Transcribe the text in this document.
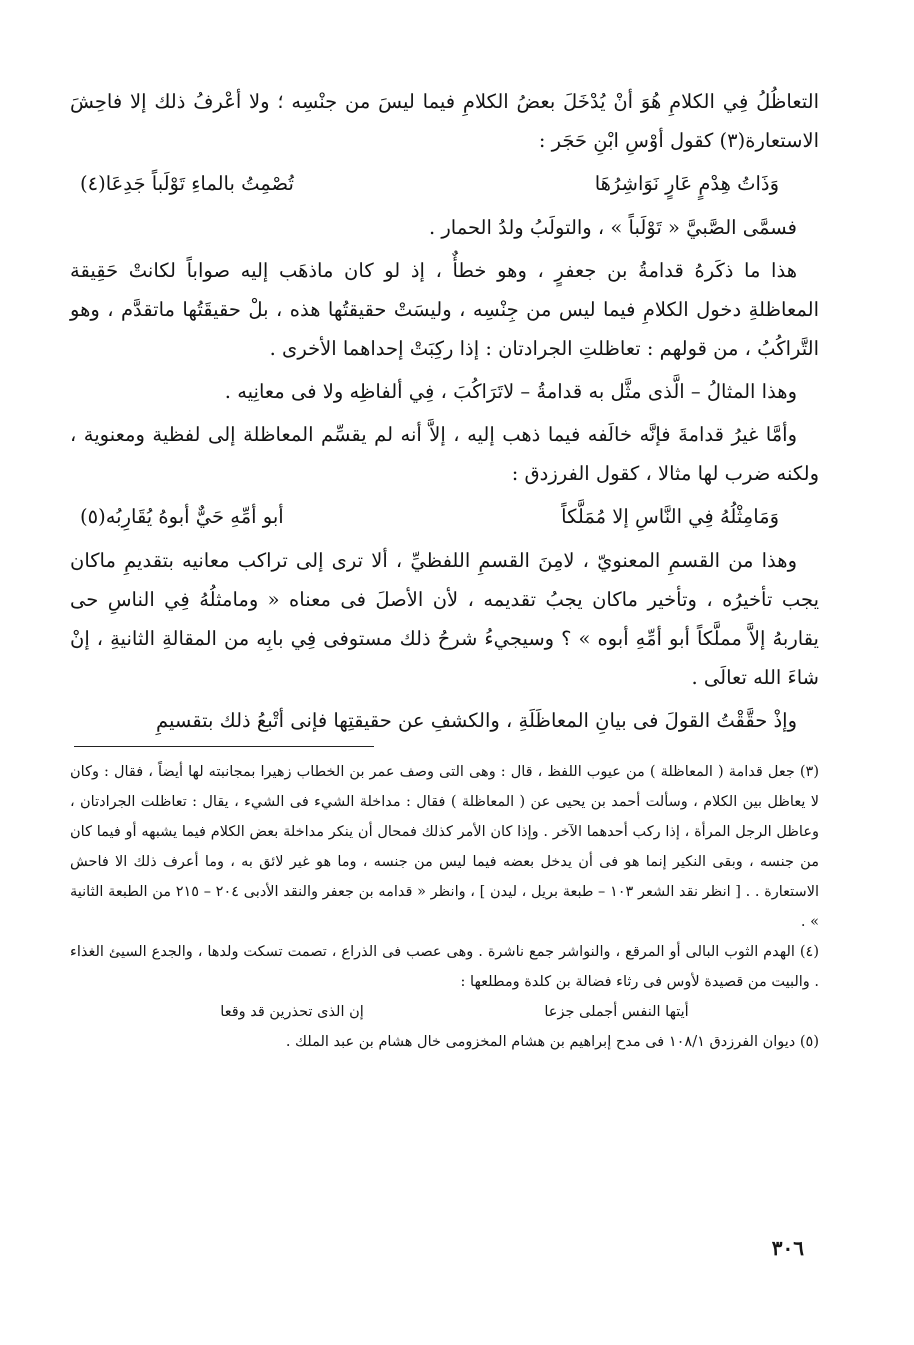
التعاظُلُ فِي الكلامِ هُوَ أنْ يُدْخَلَ بعضُ الكلامِ فيما ليسَ من جنْسِه ؛ ولا أعْرفُ ذلك إلا فاحِشَ الاستعارة(٣) كقول أوْسِ ابْنِ حَجَر :

وَذَاتُ هِدْمٍ عَارٍ نَوَاشِرُهَا
تُصْمِتُ بالماءِ تَوْلَباً جَدِعَا(٤)

فسمَّى الصَّبيَّ « تَوْلَباً » ، والتولَبُ ولدُ الحمار .

هذا ما ذكَرهُ قدامةُ بن جعفرٍ ، وهو خطأٌ ، إذ لو كان ماذهَب إليه صواباً لكانتْ حَقِيقة المعاظلةِ دخول الكلامِ فيما ليس من جِنْسِه ، وليسَتْ حقيقتُها هذه ، بلْ حقيقَتُها ماتقدَّم ، وهو التَّراكُبُ ، من قولهم : تعاظلتِ الجرادتان : إذا ركِبَتْ إحداهما الأخرى .

وهذا المثالُ – الَّذى مثَّل به قدامةُ – لاتَرَاكُبَ ، فِي ألفاظِه ولا فى معانِيه .

وأمَّا غيرُ قدامةَ فإنَّه خالَفه فيما ذهب إليه ، إلاَّ أنه لم يقسِّم المعاظلة إلى لفظية ومعنوية ، ولكنه ضرب لها مثالا ، كقول الفرزدق :

وَمَامِثْلُهُ فِي النَّاسِ إلا مُمَلَّكاً
أبو أمِّهِ حَيٌّ أبوهُ يُقَارِبُه(٥)

وهذا من القسمِ المعنويّ ، لامِنَ القسمِ اللفظيِّ ، ألا ترى إلى تراكب معانيه بتقديمِ ماكان يجب تأخيرُه ، وتأخير ماكان يجبُ تقديمه ، لأن الأصلَ فى معناه « ومامثلُهُ فِي الناسِ حى يقاربهُ إلاَّ مملَّكاً أبو أمِّهِ أبوه » ؟ وسيجيءُ شرحُ ذلك مستوفى فِي بابِه من المقالةِ الثانيةِ ، إنْ شاءَ الله تعالَى .

وإذْ حقَّقْتُ القولَ فى بيانِ المعاظَلَةِ ، والكشفِ عن حقيقتِها فإنى أتْبعُ ذلك بتقسيمِ

(٣) جعل قدامة ( المعاظلة ) من عيوب اللفظ ، قال : وهى التى وصف عمر بن الخطاب زهيرا بمجانبته لها أيضاً ، فقال : وكان لا يعاظل بين الكلام ، وسألت أحمد بن يحيى عن ( المعاظلة ) فقال : مداخلة الشيء فى الشيء ، يقال : تعاظلت الجرادتان ، وعاظل الرجل المرأة ، إذا ركب أحدهما الآخر . وإذا كان الأمر كذلك فمحال أن ينكر مداخلة بعض الكلام فيما يشبهه أو فيما كان من جنسه ، وبقى النكير إنما هو فى أن يدخل بعضه فيما ليس من جنسه ، وما هو غير لائق به ، وما أعرف ذلك الا فاحش الاستعارة . . [ انظر نقد الشعر ١٠٣ – طبعة بريل ، ليدن ] ، وانظر « قدامه بن جعفر والنقد الأدبى ٢٠٤ – ٢١٥ من الطبعة الثانية » .

(٤) الهدم الثوب البالى أو المرقع ، والنواشر جمع ناشرة . وهى عصب فى الذراع ، تصمت تسكت ولدها ، والجدع السيئ الغذاء . والبيت من قصيدة لأوس فى رثاء فضالة بن كلدة ومطلعها :

أيتها النفس أجملى جزعا
إن الذى تحذرين قد وقعا

(٥) ديوان الفرزدق ١٠٨/١ فى مدح إبراهيم بن هشام المخزومى خال هشام بن عبد الملك .

٣٠٦
